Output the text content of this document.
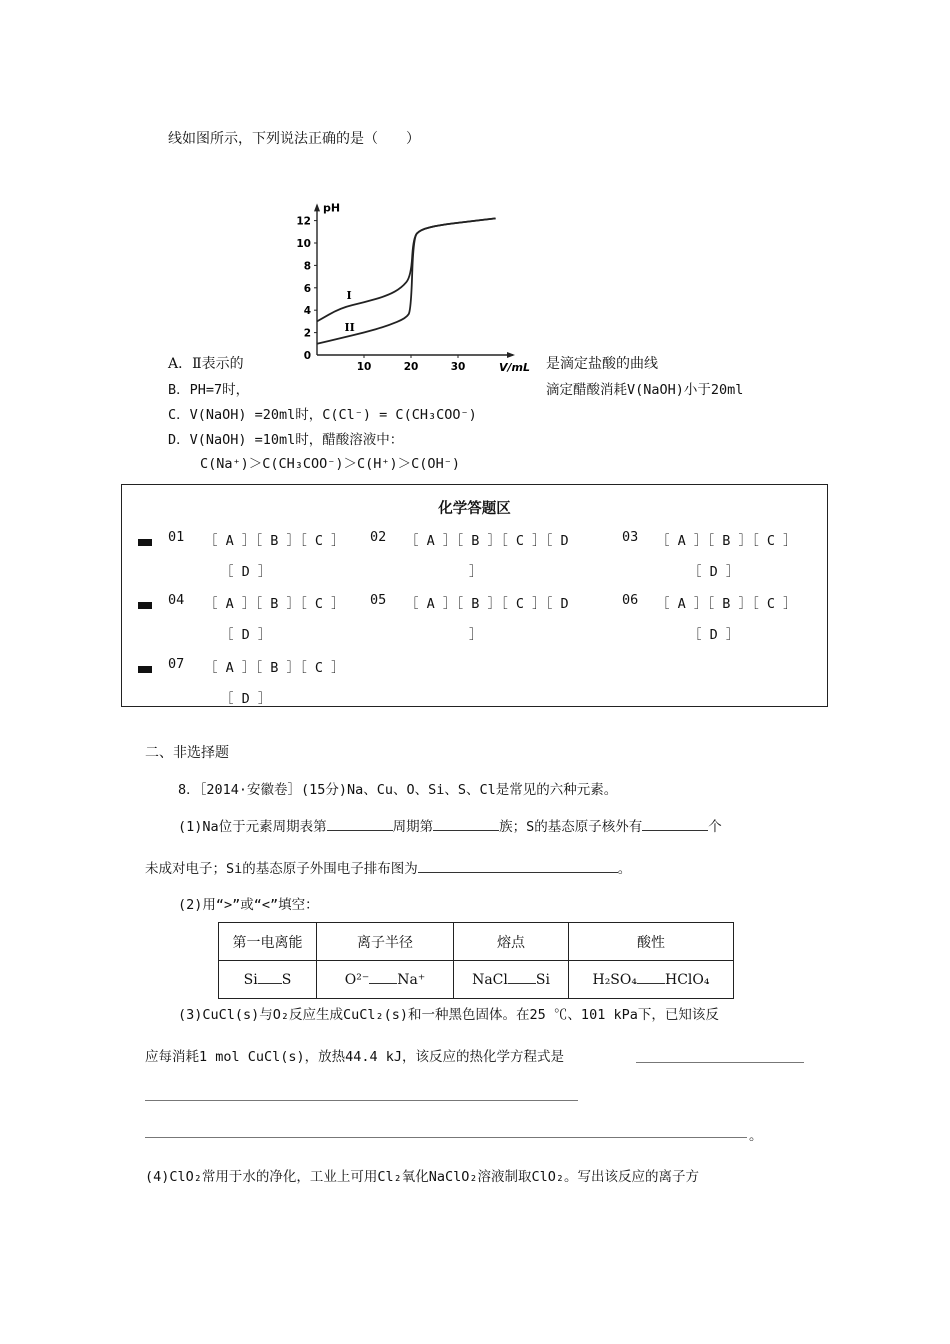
线如图所示，下列说法正确的是（　　）
pH
V/mL
0
2
4
6
8
10
12
10	20	30
I
II
A．Ⅱ表示的	是滴定盐酸的曲线
B．PH=7时，	滴定醋酸消耗V(NaOH)小于20ml
C．V(NaOH) =20ml时，C(Cl⁻) = C(CH₃COO⁻)
D．V(NaOH) =10ml时，醋酸溶液中：
C(Na⁺)＞C(CH₃COO⁻)＞C(H⁺)＞C(OH⁻)
化学答题区
01 ［ A ］［ B ］［ C ］
［ D ］
02 ［ A ］［ B ］［ C ］［ D
］
03 ［ A ］［ B ］［ C ］
［ D ］
04 ［ A ］［ B ］［ C ］
［ D ］
05 ［ A ］［ B ］［ C ］［ D
］
06 ［ A ］［ B ］［ C ］
［ D ］
07 ［ A ］［ B ］［ C ］
［ D ］
二、非选择题
8．［2014·安徽卷］(15分)Na、Cu、O、Si、S、Cl是常见的六种元素。
(1)Na位于元素周期表第	周期第	族；S的基态原子核外有	个
未成对电子；Si的基态原子外围电子排布图为	。
(2)用“>”或“<”填空：
第一电离能	离子半径	熔点	酸性
Si S	O²⁻ Na⁺	NaCl Si	H₂SO₄ HClO₄
(3)CuCl(s)与O₂反应生成CuCl₂(s)和一种黑色固体。在25 ℃、101 kPa下，已知该反
应每消耗1 mol CuCl(s)，放热44.4 kJ，该反应的热化学方程式是
。
(4)ClO₂常用于水的净化，工业上可用Cl₂氧化NaClO₂溶液制取ClO₂。写出该反应的离子方
